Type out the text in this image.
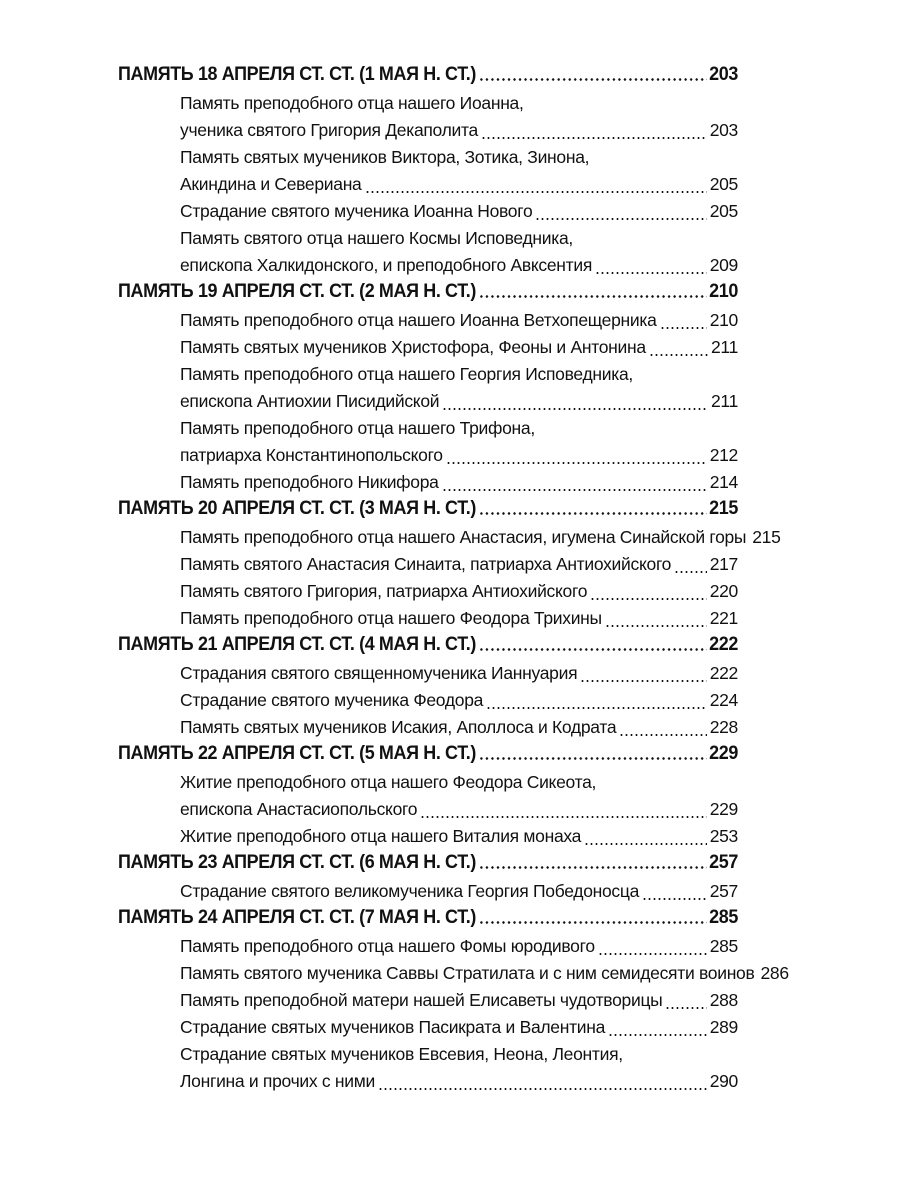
ПАМЯТЬ 18 АПРЕЛЯ СТ. СТ. (1 МАЯ Н. СТ.)	203
Память преподобного отца нашего Иоанна,
ученика святого Григория Декаполита	203
Память святых мучеников Виктора, Зотика, Зинона,
Акиндина и Севериана	205
Страдание святого мученика Иоанна Нового	205
Память святого отца нашего Космы Исповедника,
епископа Халкидонского, и преподобного Авксентия	209
ПАМЯТЬ 19 АПРЕЛЯ СТ. СТ. (2 МАЯ Н. СТ.)	210
Память преподобного отца нашего Иоанна Ветхопещерника	210
Память святых мучеников Христофора, Феоны и Антонина	211
Память преподобного отца нашего Георгия Исповедника,
епископа Антиохии Писидийской	211
Память преподобного отца нашего Трифона,
патриарха Константинопольского	212
Память преподобного Никифора	214
ПАМЯТЬ 20 АПРЕЛЯ СТ. СТ. (3 МАЯ Н. СТ.)	215
Память преподобного отца нашего Анастасия, игумена Синайской горы 215
Память святого Анастасия Синаита, патриарха Антиохийского 217
Память святого Григория, патриарха Антиохийского	220
Память преподобного отца нашего Феодора Трихины	221
ПАМЯТЬ 21 АПРЕЛЯ СТ. СТ. (4 МАЯ Н. СТ.)	222
Страдания святого священномученика Ианнуария	222
Страдание святого мученика Феодора	224
Память святых мучеников Исакия, Аполлоса и Кодрата	228
ПАМЯТЬ 22 АПРЕЛЯ СТ. СТ. (5 МАЯ Н. СТ.)	229
Житие преподобного отца нашего Феодора Сикеота,
епископа Анастасиопольского	229
Житие преподобного отца нашего Виталия монаха	253
ПАМЯТЬ 23 АПРЕЛЯ СТ. СТ. (6 МАЯ Н. СТ.)	257
Страдание святого великомученика Георгия Победоносца	257
ПАМЯТЬ 24 АПРЕЛЯ СТ. СТ. (7 МАЯ Н. СТ.)	285
Память преподобного отца нашего Фомы юродивого	285
Память святого мученика Саввы Стратилата и с ним семидесяти воинов 286
Память преподобной матери нашей Елисаветы чудотворицы	288
Страдание святых мучеников Пасикрата и Валентина	289
Страдание святых мучеников Евсевия, Неона, Леонтия,
Лонгина и прочих с ними	290
